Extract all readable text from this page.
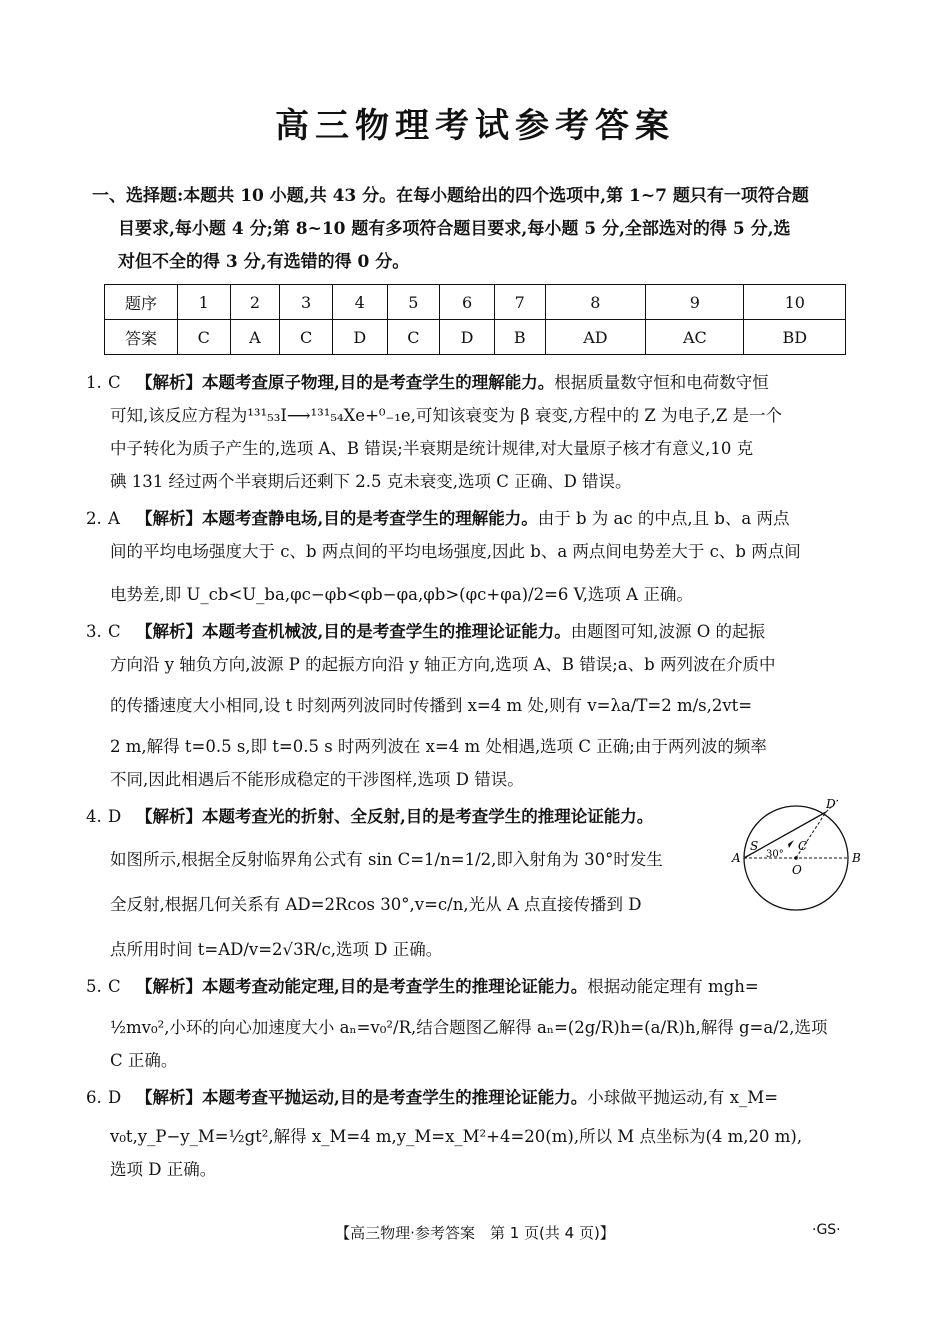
高三物理考试参考答案

一、选择题:本题共 10 小题,共 43 分。在每小题给出的四个选项中,第 1~7 题只有一项符合题

目要求,每小题 4 分;第 8~10 题有多项符合题目要求,每小题 5 分,全部选对的得 5 分,选
对但不全的得 3 分,有选错的得 0 分。
题序	1	2	3	4	5	6	7	8	9	10
答案	C	A	C	D	C	D	B	AD	AC	BD
1. C 【解析】本题考查原子物理,目的是考查学生的理解能力。根据质量数守恒和电荷数守恒
可知,该反应方程为¹³¹₅₃I⟶¹³¹₅₄Xe+⁰₋₁e,可知该衰变为 β 衰变,方程中的 Z 为电子,Z 是一个
中子转化为质子产生的,选项 A、B 错误;半衰期是统计规律,对大量原子核才有意义,10 克
碘 131 经过两个半衰期后还剩下 2.5 克未衰变,选项 C 正确、D 错误。
2. A 【解析】本题考查静电场,目的是考查学生的理解能力。由于 b 为 ac 的中点,且 b、a 两点
间的平均电场强度大于 c、b 两点间的平均电场强度,因此 b、a 两点间电势差大于 c、b 两点间
电势差,即 U_cb<U_ba,φc−φb<φb−φa,φb>(φc+φa)/2=6 V,选项 A 正确。
3. C 【解析】本题考查机械波,目的是考查学生的推理论证能力。由题图可知,波源 O 的起振
方向沿 y 轴负方向,波源 P 的起振方向沿 y 轴正方向,选项 A、B 错误;a、b 两列波在介质中
的传播速度大小相同,设 t 时刻两列波同时传播到 x=4 m 处,则有 v=λa/T=2 m/s,2vt=
2 m,解得 t=0.5 s,即 t=0.5 s 时两列波在 x=4 m 处相遇,选项 C 正确;由于两列波的频率
不同,因此相遇后不能形成稳定的干涉图样,选项 D 错误。
4. D 【解析】本题考查光的折射、全反射,目的是考查学生的推理论证能力。
如图所示,根据全反射临界角公式有 sin C=1/n=1/2,即入射角为 30°时发生
全反射,根据几何关系有 AD=2Rcos 30°,v=c/n,光从 A 点直接传播到 D
点所用时间 t=AD/v=2√3R/c,选项 D 正确。
5. C 【解析】本题考查动能定理,目的是考查学生的推理论证能力。根据动能定理有 mgh=
½mv₀²,小环的向心加速度大小 aₙ=v₀²/R,结合题图乙解得 aₙ=(2g/R)h=(a/R)h,解得 g=a/2,选项
C 正确。
6. D 【解析】本题考查平抛运动,目的是考查学生的推理论证能力。小球做平抛运动,有 x_M=
v₀t,y_P−y_M=½gt²,解得 x_M=4 m,y_M=x_M²+4=20(m),所以 M 点坐标为(4 m,20 m),
选项 D 正确。
A	B
S	C
D
O
30°
【高三物理·参考答案　第 1 页(共 4 页)】	·GS·
